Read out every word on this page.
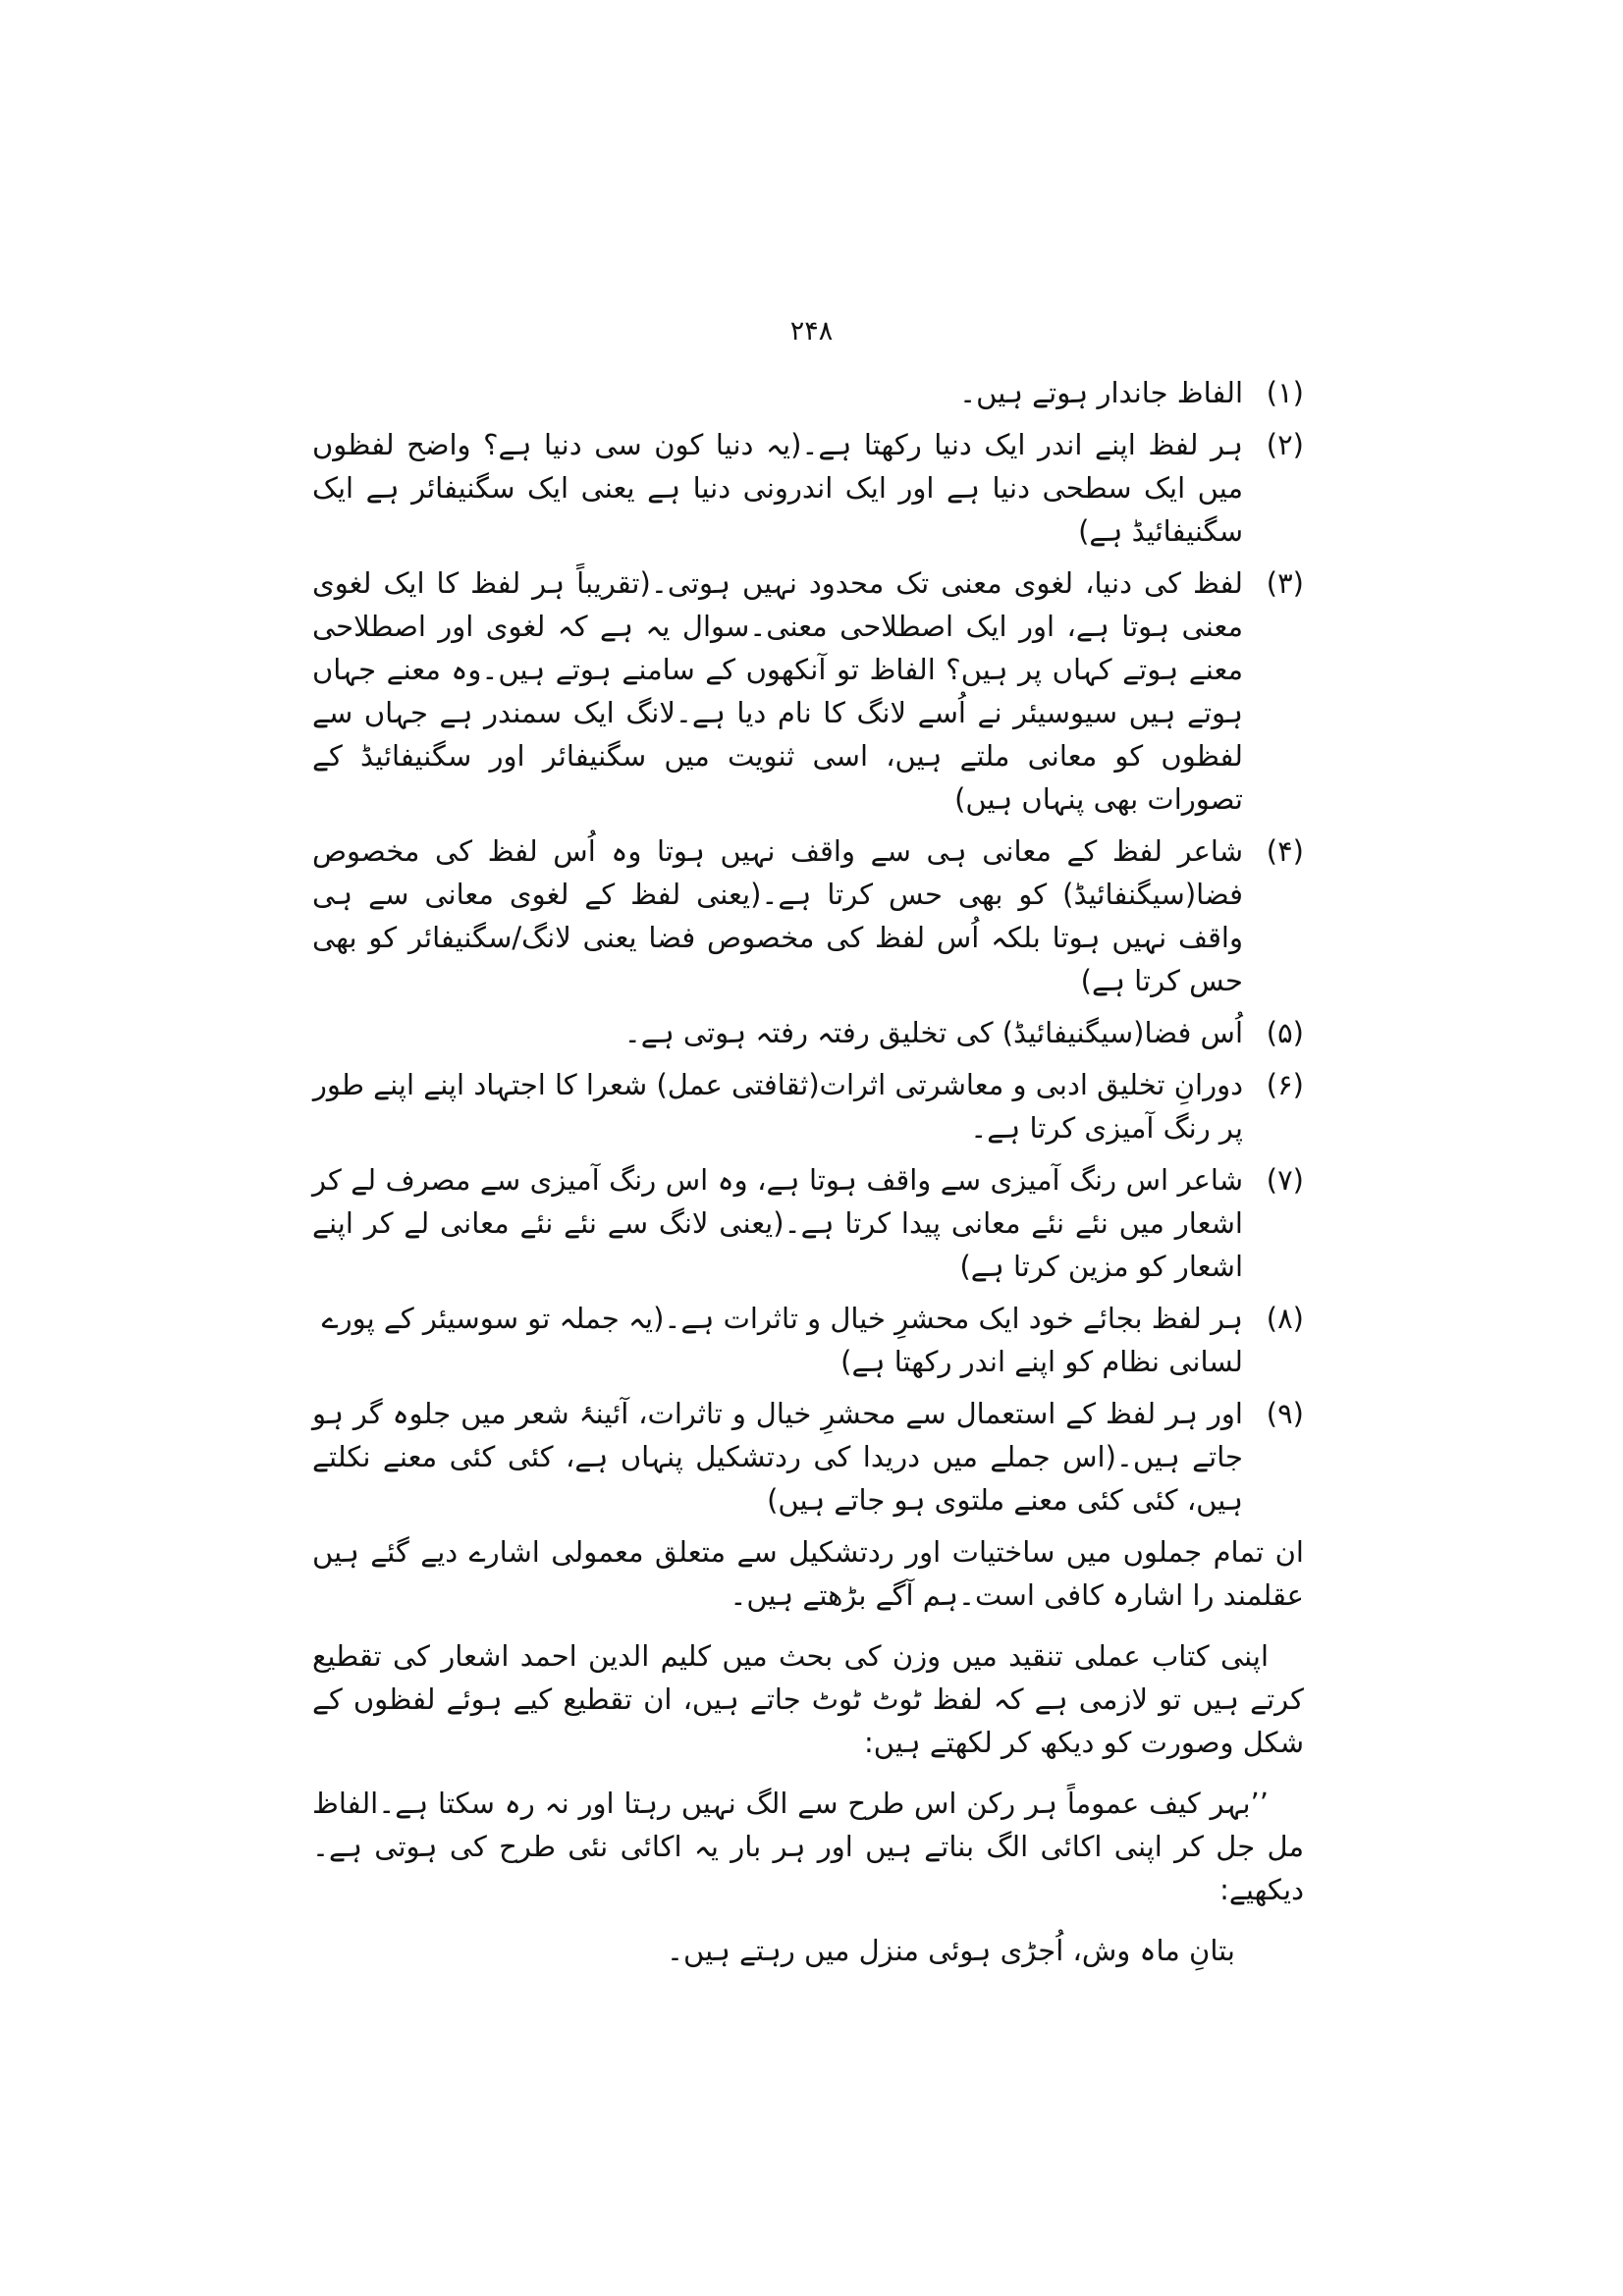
۲۴۸
(۱)
الفاظ جاندار ہوتے ہیں۔
(۲)
ہر لفظ اپنے اندر ایک دنیا رکھتا ہے۔(یہ دنیا کون سی دنیا ہے؟ واضح لفظوں میں ایک سطحی دنیا ہے اور ایک اندرونی دنیا ہے یعنی ایک سگنیفائر ہے ایک سگنیفائیڈ ہے)
(۳)
لفظ کی دنیا، لغوی معنی تک محدود نہیں ہوتی۔(تقریباً ہر لفظ کا ایک لغوی معنی ہوتا ہے، اور ایک اصطلاحی معنی۔سوال یہ ہے کہ لغوی اور اصطلاحی معنے ہوتے کہاں پر ہیں؟ الفاظ تو آنکھوں کے سامنے ہوتے ہیں۔وہ معنے جہاں ہوتے ہیں سیوسیئر نے اُسے لانگ کا نام دیا ہے۔لانگ ایک سمندر ہے جہاں سے لفظوں کو معانی ملتے ہیں، اسی ثنویت میں سگنیفائر اور سگنیفائیڈ کے تصورات بھی پنہاں ہیں)
(۴)
شاعر لفظ کے معانی ہی سے واقف نہیں ہوتا وہ اُس لفظ کی مخصوص فضا(سیگنفائیڈ) کو بھی حس کرتا ہے۔(یعنی لفظ کے لغوی معانی سے ہی واقف نہیں ہوتا بلکہ اُس لفظ کی مخصوص فضا یعنی لانگ/سگنیفائر کو بھی حس کرتا ہے)
(۵)
اُس فضا(سیگنیفائیڈ) کی تخلیق رفتہ رفتہ ہوتی ہے۔
(۶)
دورانِ تخلیق ادبی و معاشرتی اثرات(ثقافتی عمل) شعرا کا اجتہاد اپنے اپنے طور پر رنگ آمیزی کرتا ہے۔
(۷)
شاعر اس رنگ آمیزی سے واقف ہوتا ہے، وہ اس رنگ آمیزی سے مصرف لے کر اشعار میں نئے نئے معانی پیدا کرتا ہے۔(یعنی لانگ سے نئے نئے معانی لے کر اپنے اشعار کو مزین کرتا ہے)
(۸)
ہر لفظ بجائے خود ایک محشرِ خیال و تاثرات ہے۔(یہ جملہ تو سوسیئر کے پورے لسانی نظام کو اپنے اندر رکھتا ہے)
(۹)
اور ہر لفظ کے استعمال سے محشرِ خیال و تاثرات، آئینۂ شعر میں جلوہ گر ہو جاتے ہیں۔(اس جملے میں دریدا کی ردتشکیل پنہاں ہے، کئی کئی معنے نکلتے ہیں، کئی کئی معنے ملتوی ہو جاتے ہیں)

ان تمام جملوں میں ساختیات اور ردتشکیل سے متعلق معمولی اشارے دیے گئے ہیں عقلمند را اشارہ کافی است۔ہم آگے بڑھتے ہیں۔

اپنی کتاب عملی تنقید میں وزن کی بحث میں کلیم الدین احمد اشعار کی تقطیع کرتے ہیں تو لازمی ہے کہ لفظ ٹوٹ ٹوٹ جاتے ہیں، ان تقطیع کیے ہوئے لفظوں کے شکل وصورت کو دیکھ کر لکھتے ہیں:

’’بہر کیف عموماً ہر رکن اس طرح سے الگ نہیں رہتا اور نہ رہ سکتا ہے۔الفاظ مل جل کر اپنی اکائی الگ بناتے ہیں اور ہر بار یہ اکائی نئی طرح کی ہوتی ہے۔دیکھیے:

بتانِ ماہ وش، اُجڑی ہوئی منزل میں رہتے ہیں۔
